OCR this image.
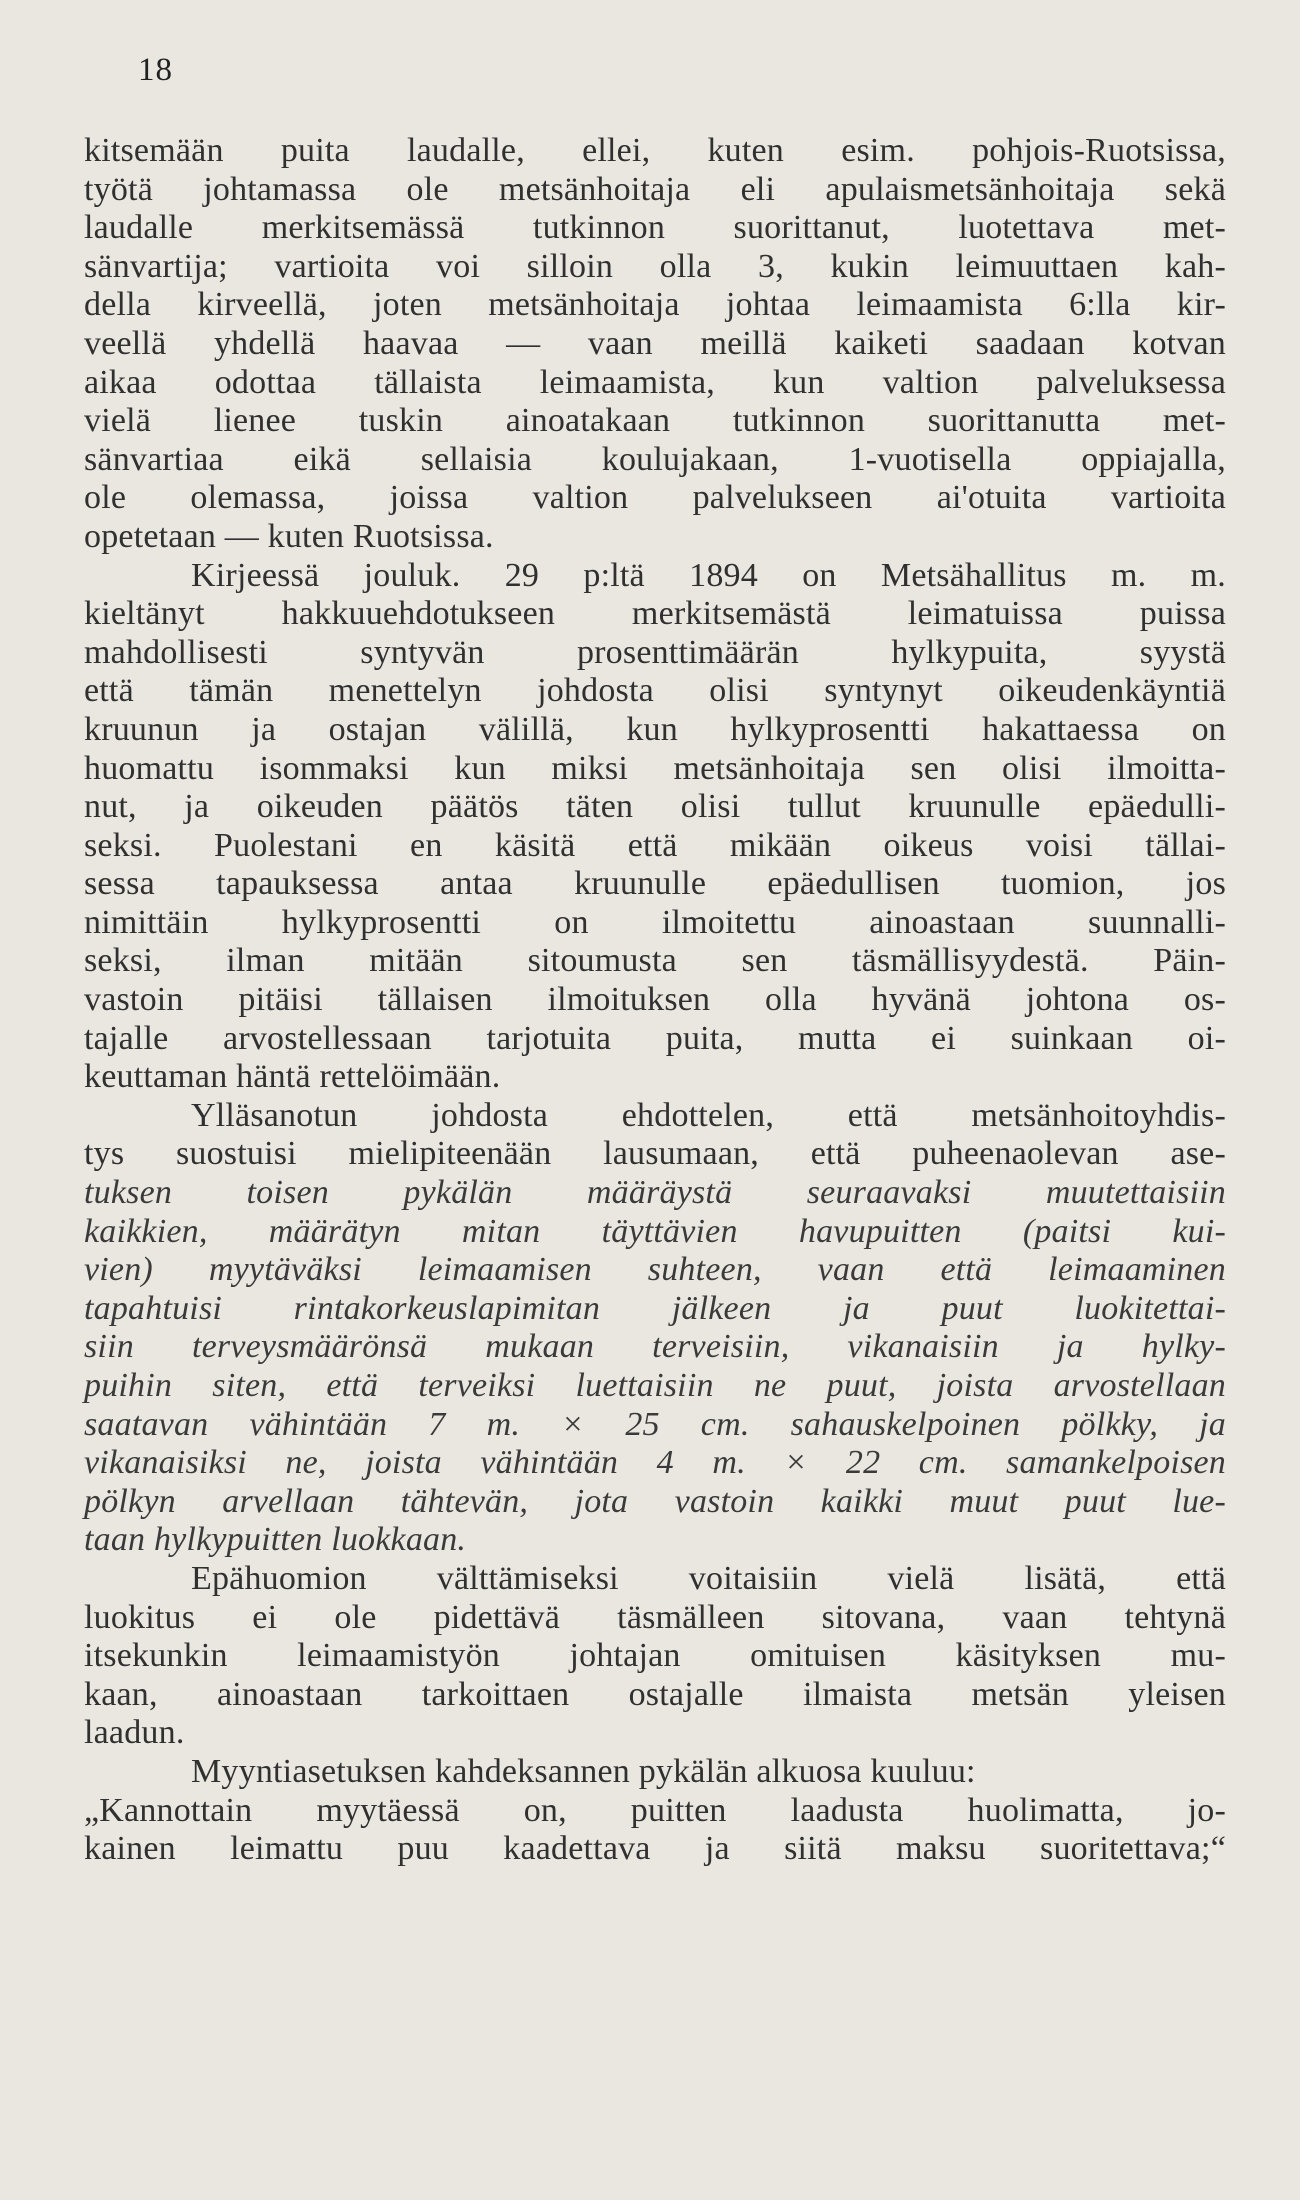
18
kitsemään puita laudalle, ellei, kuten esim. pohjois-Ruotsissa,
työtä johtamassa ole metsänhoitaja eli apulaismetsänhoitaja sekä
laudalle merkitsemässä tutkinnon suorittanut, luotettava met-
sänvartija; vartioita voi silloin olla 3, kukin leimuuttaen kah-
della kirveellä, joten metsänhoitaja johtaa leimaamista 6:lla kir-
veellä yhdellä haavaa — vaan meillä kaiketi saadaan kotvan
aikaa odottaa tällaista leimaamista, kun valtion palveluksessa
vielä lienee tuskin ainoatakaan tutkinnon suorittanutta met-
sänvartiaa eikä sellaisia koulujakaan, 1-vuotisella oppiajalla,
ole olemassa, joissa valtion palvelukseen ai'otuita vartioita
opetetaan — kuten Ruotsissa.
Kirjeessä jouluk. 29 p:ltä 1894 on Metsähallitus m. m.
kieltänyt hakkuuehdotukseen merkitsemästä leimatuissa puissa
mahdollisesti syntyvän prosenttimäärän hylkypuita, syystä
että tämän menettelyn johdosta olisi syntynyt oikeudenkäyntiä
kruunun ja ostajan välillä, kun hylkyprosentti hakattaessa on
huomattu isommaksi kun miksi metsänhoitaja sen olisi ilmoitta-
nut, ja oikeuden päätös täten olisi tullut kruunulle epäedulli-
seksi. Puolestani en käsitä että mikään oikeus voisi tällai-
sessa tapauksessa antaa kruunulle epäedullisen tuomion, jos
nimittäin hylkyprosentti on ilmoitettu ainoastaan suunnalli-
seksi, ilman mitään sitoumusta sen täsmällisyydestä. Päin-
vastoin pitäisi tällaisen ilmoituksen olla hyvänä johtona os-
tajalle arvostellessaan tarjotuita puita, mutta ei suinkaan oi-
keuttaman häntä rettelöimään.
Ylläsanotun johdosta ehdottelen, että metsänhoitoyhdis-
tys suostuisi mielipiteenään lausumaan, että puheenaolevan ase-
tuksen toisen pykälän määräystä seuraavaksi muutettaisiin
kaikkien, määrätyn mitan täyttävien havupuitten (paitsi kui-
vien) myytäväksi leimaamisen suhteen, vaan että leimaaminen
tapahtuisi rintakorkeuslapimitan jälkeen ja puut luokitettai-
siin terveysmäärönsä mukaan terveisiin, vikanaisiin ja hylky-
puihin siten, että terveiksi luettaisiin ne puut, joista arvostellaan
saatavan vähintään 7 m. × 25 cm. sahauskelpoinen pölkky, ja
vikanaisiksi ne, joista vähintään 4 m. × 22 cm. samankelpoisen
pölkyn arvellaan tähtevän, jota vastoin kaikki muut puut lue-
taan hylkypuitten luokkaan.
Epähuomion välttämiseksi voitaisiin vielä lisätä, että
luokitus ei ole pidettävä täsmälleen sitovana, vaan tehtynä
itsekunkin leimaamistyön johtajan omituisen käsityksen mu-
kaan, ainoastaan tarkoittaen ostajalle ilmaista metsän yleisen
laadun.
Myyntiasetuksen kahdeksannen pykälän alkuosa kuuluu:
„Kannottain myytäessä on, puitten laadusta huolimatta, jo-
kainen leimattu puu kaadettava ja siitä maksu suoritettava;“
